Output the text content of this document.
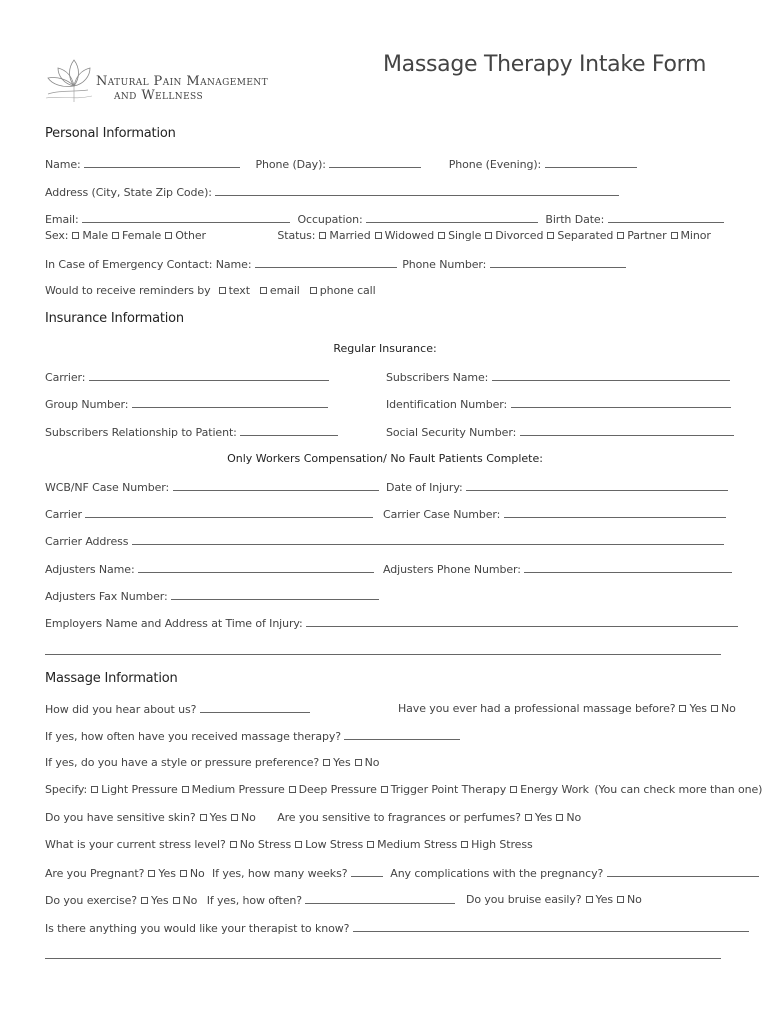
Natural Pain Management
and Wellness
Massage Therapy Intake Form
Personal Information
Name:	Phone (Day):	Phone (Evening):
Address (City, State Zip Code):
Email:	Occupation:	Birth Date:
Sex: Male Female Other	Status: Married Widowed Single Divorced Separated Partner Minor
In Case of Emergency Contact: Name:	Phone Number:
Would to receive reminders by text email phone call
Insurance Information
Regular Insurance:
Carrier:	Subscribers Name:
Group Number:	Identification Number:
Subscribers Relationship to Patient:	Social Security Number:
Only Workers Compensation/ No Fault Patients Complete:
WCB/NF Case Number:	Date of Injury:
Carrier	Carrier Case Number:
Carrier Address
Adjusters Name:	Adjusters Phone Number:
Adjusters Fax Number:
Employers Name and Address at Time of Injury:
Massage Information
How did you hear about us?	Have you ever had a professional massage before? Yes No
If yes, how often have you received massage therapy?
If yes, do you have a style or pressure preference? Yes No
Specify: Light Pressure Medium Pressure Deep Pressure Trigger Point Therapy Energy Work (You can check more than one)
Do you have sensitive skin? Yes No Are you sensitive to fragrances or perfumes? Yes No
What is your current stress level? No Stress Low Stress Medium Stress High Stress
Are you Pregnant? Yes No If yes, how many weeks?	Any complications with the pregnancy?
Do you exercise? Yes No If yes, how often?	Do you bruise easily? Yes No
Is there anything you would like your therapist to know?
